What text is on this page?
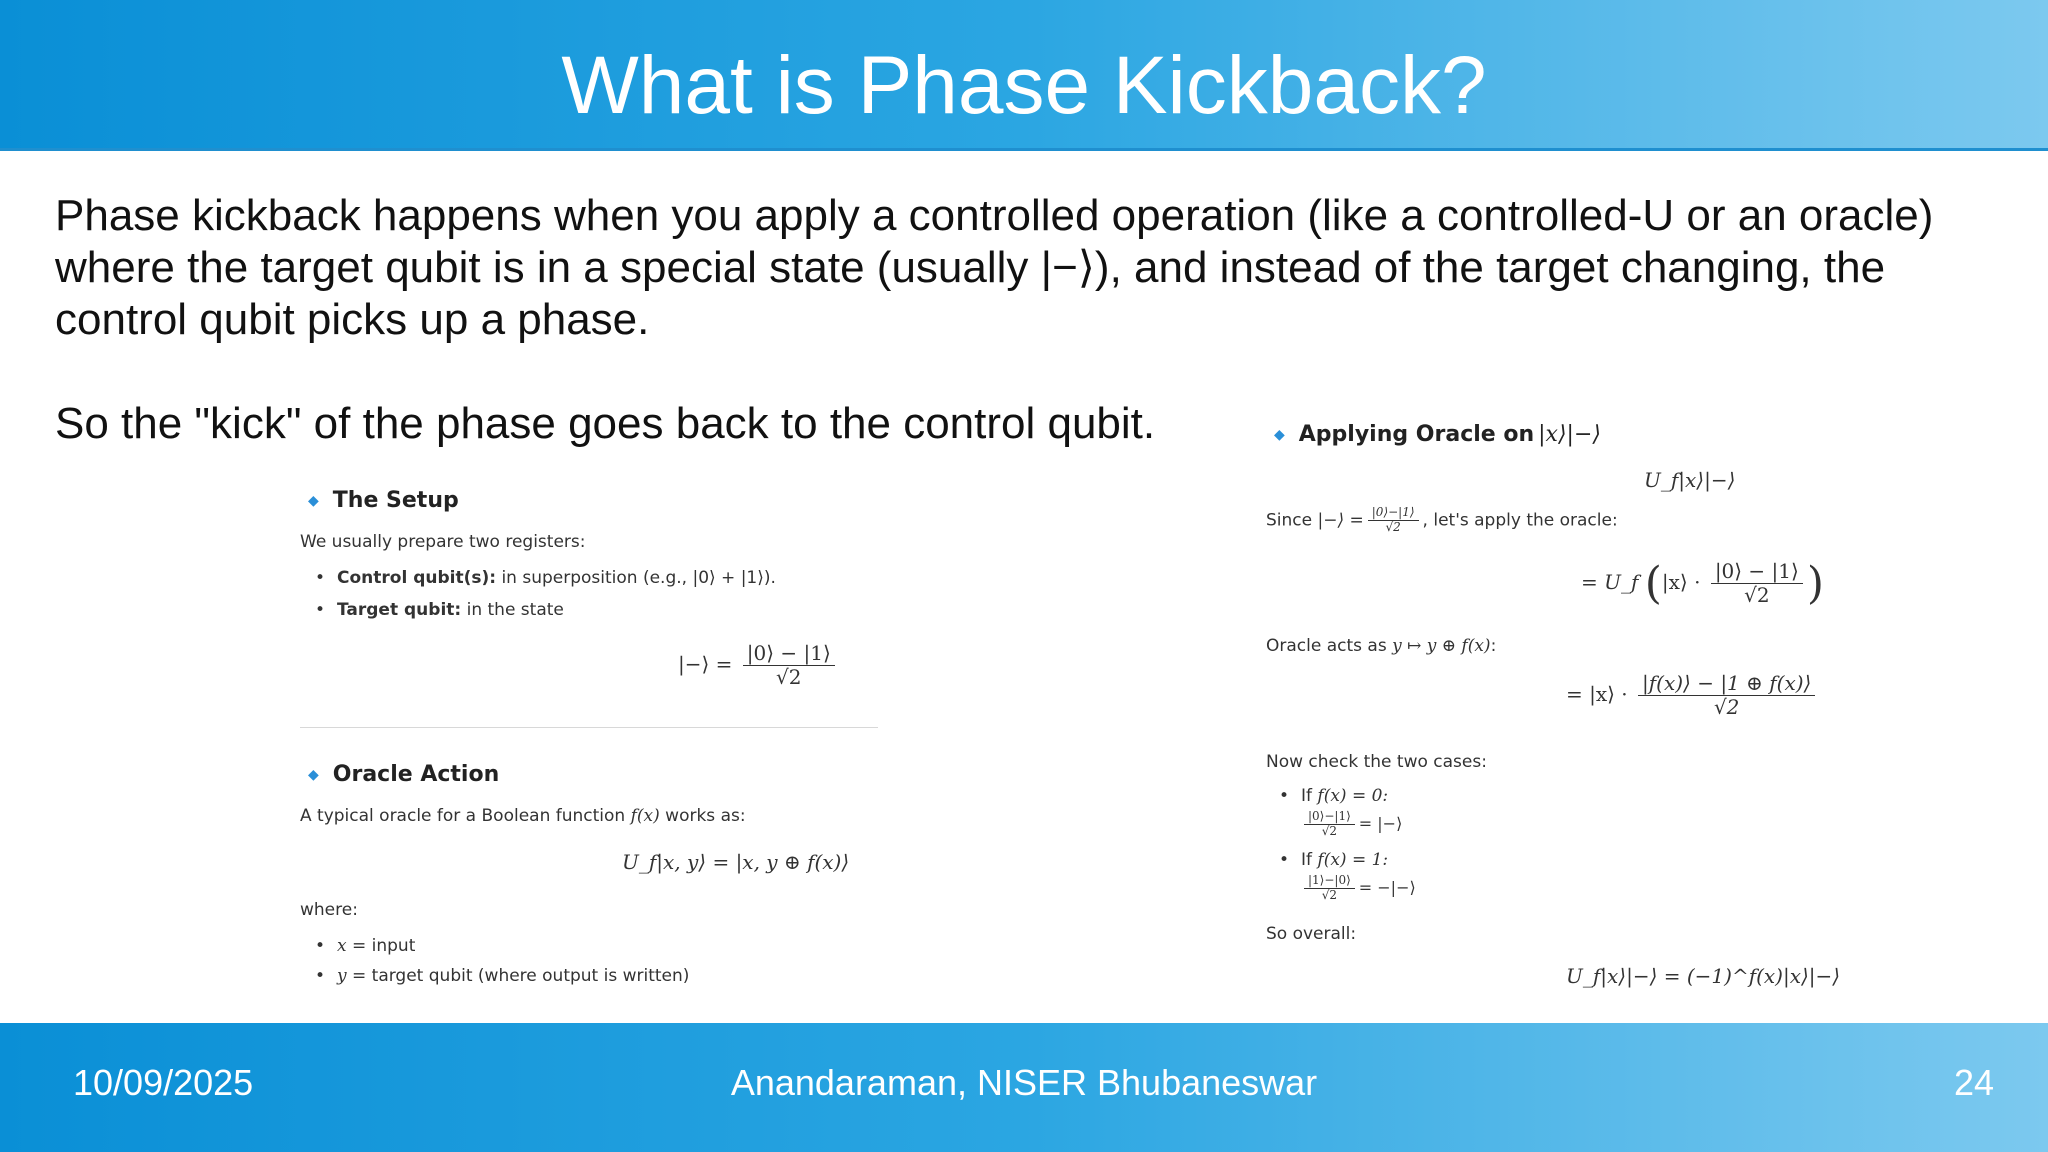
What is Phase Kickback?

Phase kickback happens when you apply a controlled operation (like a controlled-U or an oracle) where the target qubit is in a special state (usually |−⟩), and instead of the target changing, the control qubit picks up a phase.

So the "kick" of the phase goes back to the control qubit.

◆ The Setup
We usually prepare two registers:
• Control qubit(s): in superposition (e.g., |0⟩ + |1⟩).
• Target qubit: in the state
|−⟩ = $\frac{|0⟩ - |1⟩}{√2}$
◆ Oracle Action
A typical oracle for a Boolean function f(x) works as:
U_f|x, y⟩ = |x, y ⊕ f(x)⟩
where:
• x = input
• y = target qubit (where output is written)
◆ Applying Oracle on |x⟩|−⟩
U_f|x⟩|−⟩
Since |−⟩ = $\frac{|0⟩-|1⟩}{√2}$ , let's apply the oracle:
= U_f (|x⟩ · $\frac{|0⟩ - |1⟩}{√2}$ )
Oracle acts as y ↦ y ⊕ f(x):
= |x⟩ · $\frac{|f(x)⟩ - |1 \oplus f(x)⟩}{√2}$
Now check the two cases:
• If f(x) = 0:
$\frac{|0⟩-|1⟩}{√2}$ = |−⟩
• If f(x) = 1:
$\frac{|1⟩-|0⟩}{√2}$ = −|−⟩
So overall:
U_f|x⟩|−⟩ = (−1)^f(x)|x⟩|−⟩
10/09/2025	Anandaraman, NISER Bhubaneswar	24
